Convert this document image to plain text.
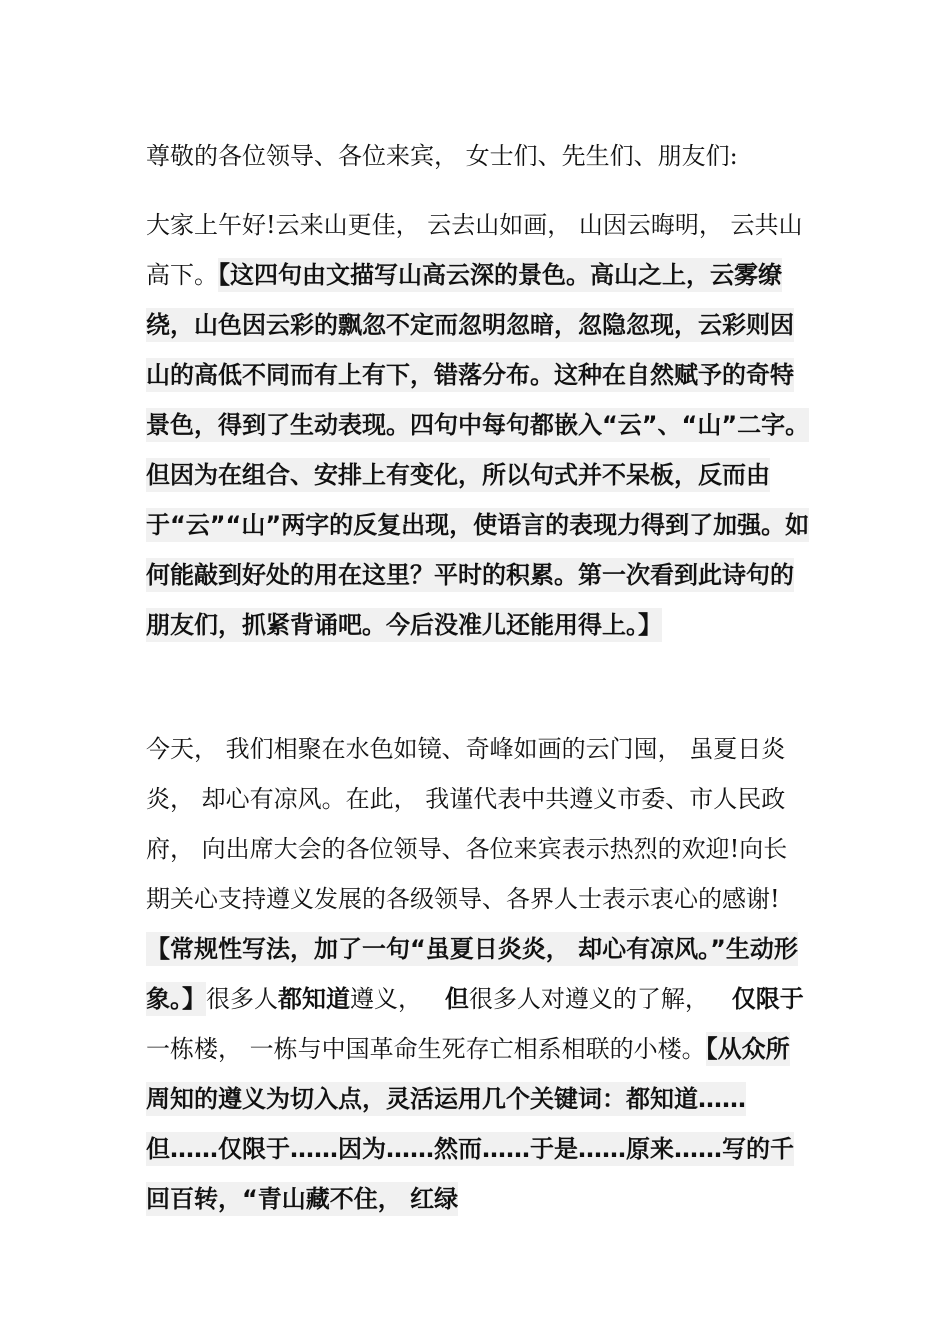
尊敬的各位领导、各位来宾， 女士们、先生们、朋友们:

大家上午好!云来山更佳， 云去山如画， 山因云晦明， 云共山高下。【这四句由文描写山高云深的景色。高山之上，云雾缭绕，山色因云彩的飘忽不定而忽明忽暗，忽隐忽现，云彩则因山的高低不同而有上有下，错落分布。这种在自然赋予的奇特景色，得到了生动表现。四句中每句都嵌入“云”、“山”二字。但因为在组合、安排上有变化，所以句式并不呆板，反而由于“云”“山”两字的反复出现，使语言的表现力得到了加强。如何能敲到好处的用在这里？平时的积累。第一次看到此诗句的朋友们，抓紧背诵吧。今后没准儿还能用得上。】

今天， 我们相聚在水色如镜、奇峰如画的云门囤， 虽夏日炎炎， 却心有凉风。在此， 我谨代表中共遵义市委、市人民政府， 向出席大会的各位领导、各位来宾表示热烈的欢迎!向长期关心支持遵义发展的各级领导、各界人士表示衷心的感谢!【常规性写法，加了一句“虽夏日炎炎， 却心有凉风。”生动形象。】很多人都知道遵义， 但很多人对遵义的了解， 仅限于一栋楼， 一栋与中国革命生死存亡相系相联的小楼。【从众所周知的遵义为切入点，灵活运用几个关键词：都知道……但……仅限于……因为……然而……于是……原来……写的千回百转，“青山藏不住， 红绿
